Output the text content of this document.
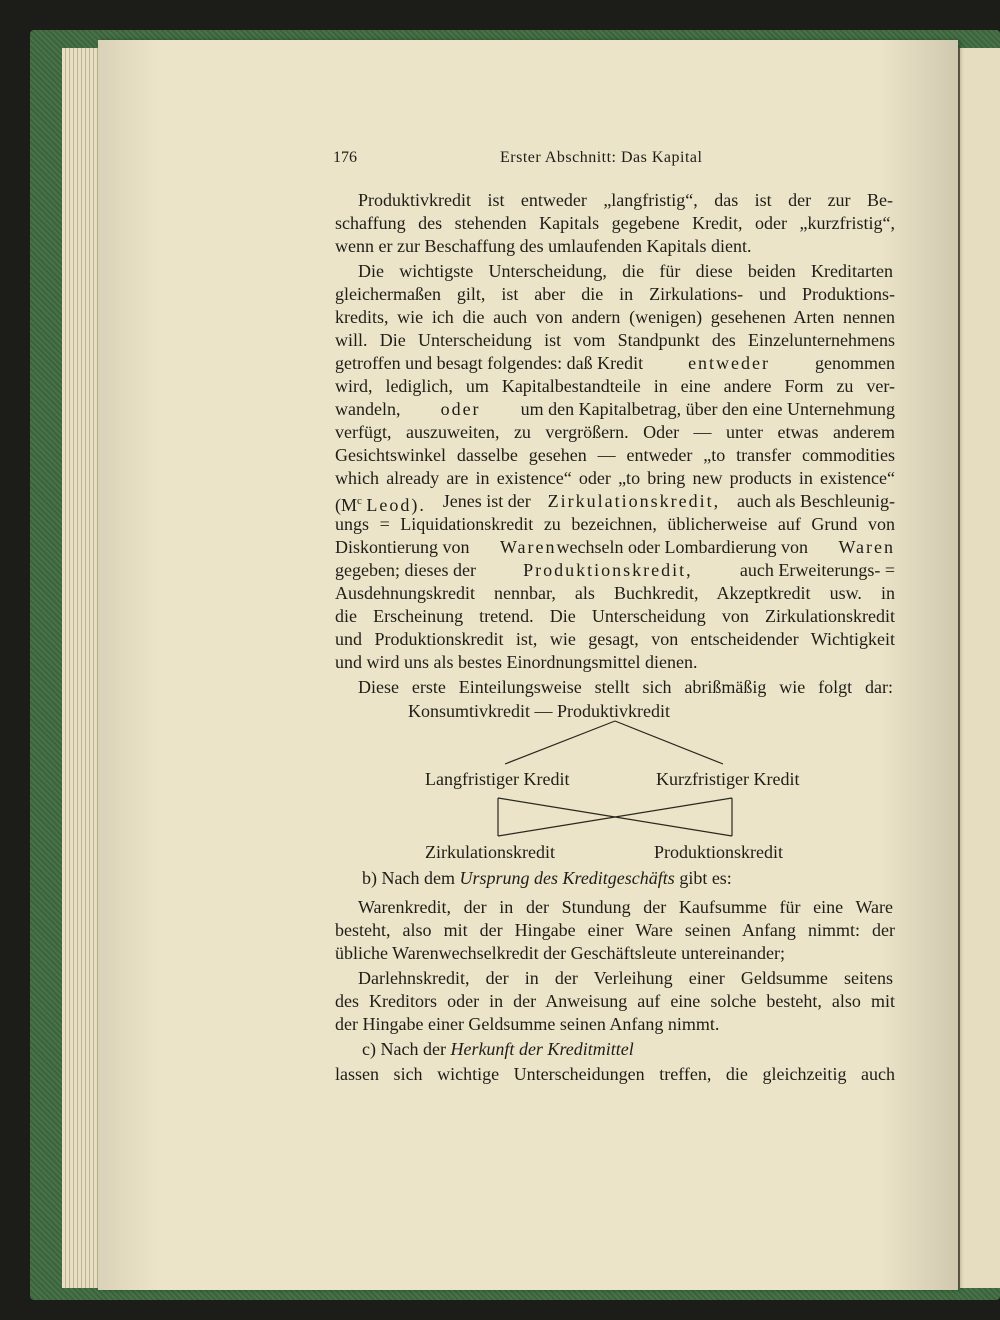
176	Erster Abschnitt: Das Kapital
Produktivkredit ist entweder „langfristig“, das ist der zur Be-
schaffung des stehenden Kapitals gegebene Kredit, oder „kurzfristig“,
wenn er zur Beschaffung des umlaufenden Kapitals dient.
Die wichtigste Unterscheidung, die für diese beiden Kreditarten
gleichermaßen gilt, ist aber die in Zirkulations- und Produktions-
kredits, wie ich die auch von andern (wenigen) gesehenen Arten nennen
will. Die Unterscheidung ist vom Standpunkt des Einzelunternehmens
getroffen und besagt folgendes: daß Kredit entweder genommen
wird, lediglich, um Kapitalbestandteile in eine andere Form zu ver-
wandeln, oder um den Kapitalbetrag, über den eine Unternehmung
verfügt, auszuweiten, zu vergrößern. Oder — unter etwas anderem
Gesichtswinkel dasselbe gesehen — entweder „to transfer commodities
which already are in existence“ oder „to bring new products in existence“
($M^c$ Leod). Jenes ist der Zirkulationskredit, auch als Beschleunig-
ungs = Liquidationskredit zu bezeichnen, üblicherweise auf Grund von
Diskontierung von Warenwechseln oder Lombardierung von Waren
gegeben; dieses der	Produktionskredit,	auch Erweiterungs- =
Ausdehnungskredit nennbar, als Buchkredit, Akzeptkredit usw. in
die Erscheinung tretend. Die Unterscheidung von Zirkulationskredit
und Produktionskredit ist, wie gesagt, von entscheidender Wichtigkeit
und wird uns als bestes Einordnungsmittel dienen.
Diese erste Einteilungsweise stellt sich abrißmäßig wie folgt dar:
Konsumtivkredit — Produktivkredit
Langfristiger Kredit	Kurzfristiger Kredit
Zirkulationskredit	Produktionskredit
b) Nach dem Ursprung des Kreditgeschäfts gibt es:
Warenkredit, der in der Stundung der Kaufsumme für eine Ware
besteht, also mit der Hingabe einer Ware seinen Anfang nimmt: der
übliche Warenwechselkredit der Geschäftsleute untereinander;
Darlehnskredit, der in der Verleihung einer Geldsumme seitens
des Kreditors oder in der Anweisung auf eine solche besteht, also mit
der Hingabe einer Geldsumme seinen Anfang nimmt.
c) Nach der Herkunft der Kreditmittel
lassen sich wichtige Unterscheidungen treffen, die gleichzeitig auch
